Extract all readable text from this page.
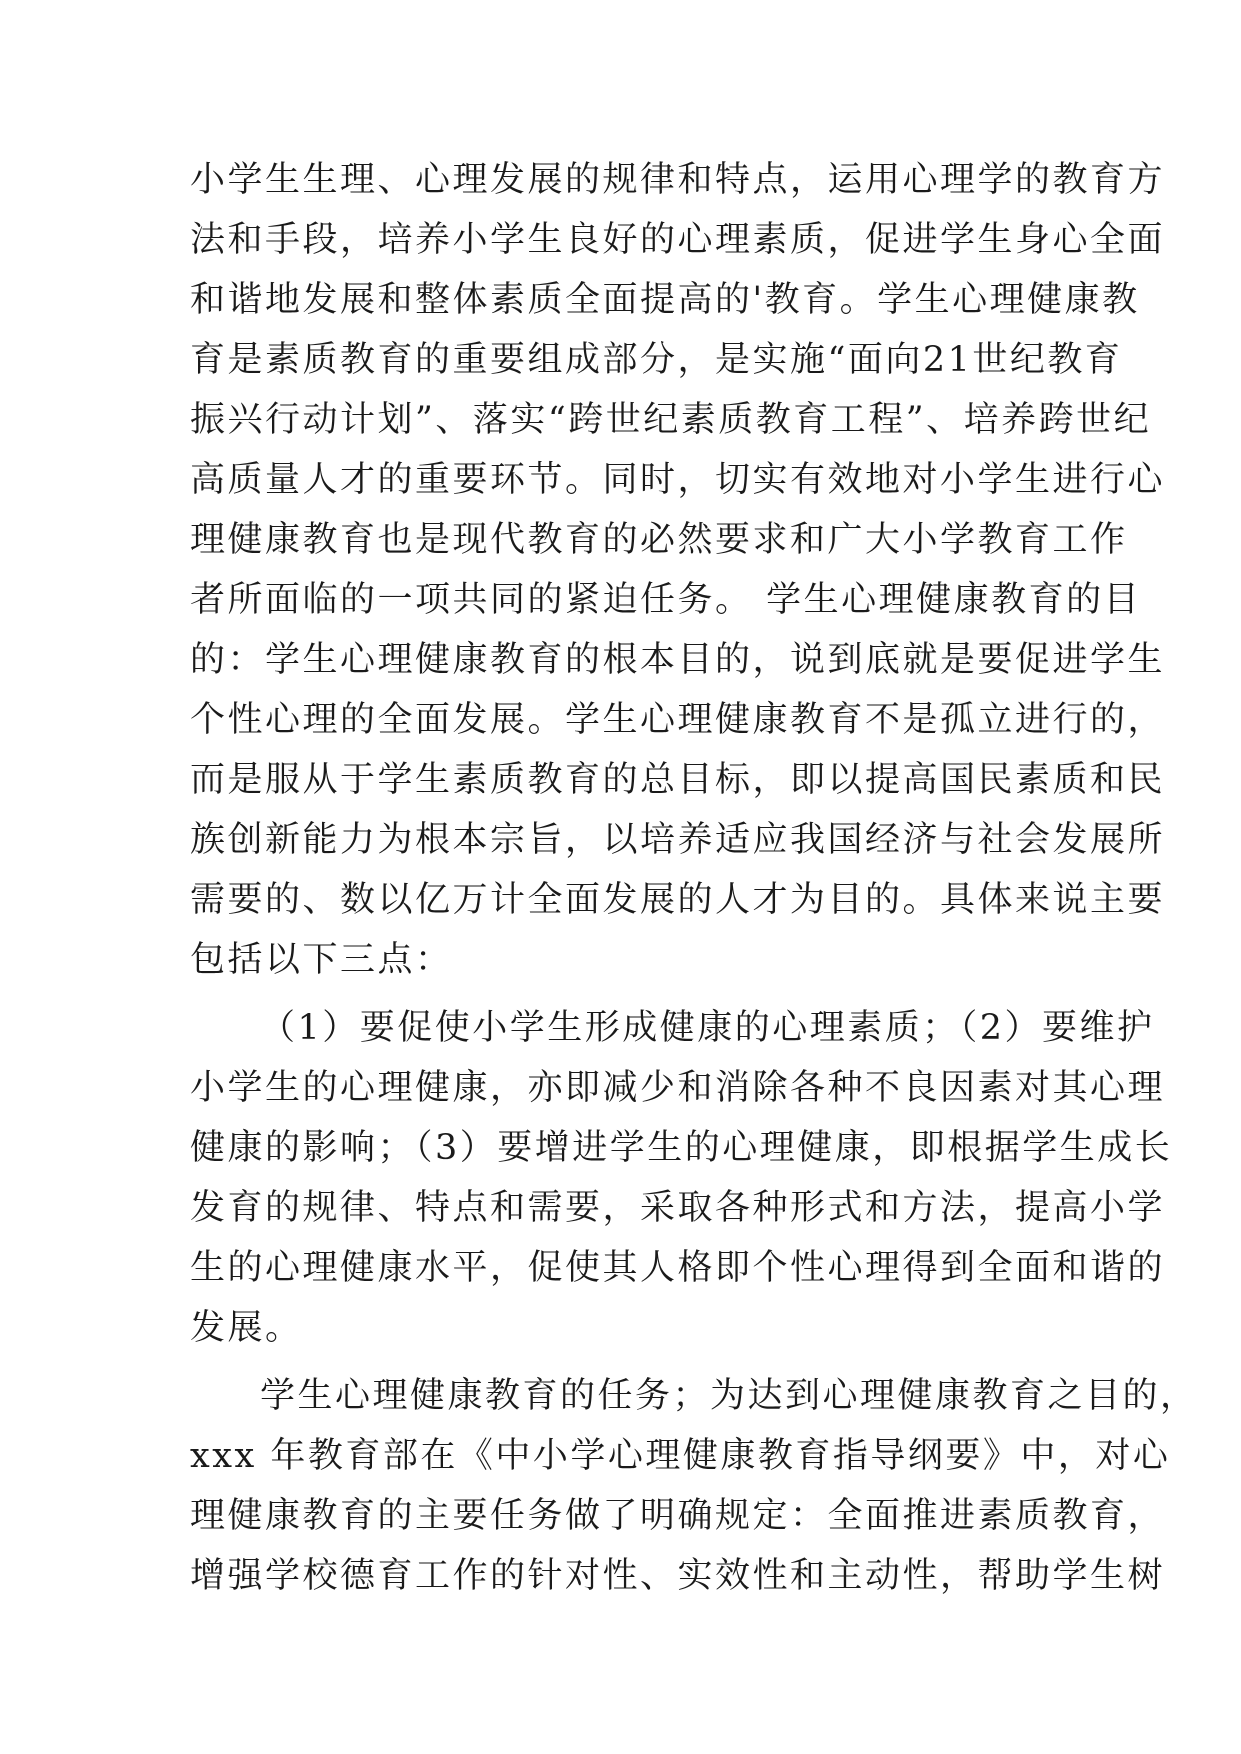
小学生生理、心理发展的规律和特点，运用心理学的教育方
法和手段，培养小学生良好的心理素质，促进学生身心全面
和谐地发展和整体素质全面提高的'教育。学生心理健康教
育是素质教育的重要组成部分，是实施“面向21世纪教育
振兴行动计划”、落实“跨世纪素质教育工程”、培养跨世纪
高质量人才的重要环节。同时，切实有效地对小学生进行心
理健康教育也是现代教育的必然要求和广大小学教育工作
者所面临的一项共同的紧迫任务。 学生心理健康教育的目
的：学生心理健康教育的根本目的，说到底就是要促进学生
个性心理的全面发展。学生心理健康教育不是孤立进行的，
而是服从于学生素质教育的总目标，即以提高国民素质和民
族创新能力为根本宗旨，以培养适应我国经济与社会发展所
需要的、数以亿万计全面发展的人才为目的。具体来说主要
包括以下三点：
（1）要促使小学生形成健康的心理素质；（2）要维护
小学生的心理健康，亦即减少和消除各种不良因素对其心理
健康的影响；（3）要增进学生的心理健康，即根据学生成长
发育的规律、特点和需要，采取各种形式和方法，提高小学
生的心理健康水平，促使其人格即个性心理得到全面和谐的
发展。
学生心理健康教育的任务；为达到心理健康教育之目的，
xxx 年教育部在《中小学心理健康教育指导纲要》中，对心
理健康教育的主要任务做了明确规定：全面推进素质教育，
增强学校德育工作的针对性、实效性和主动性，帮助学生树
